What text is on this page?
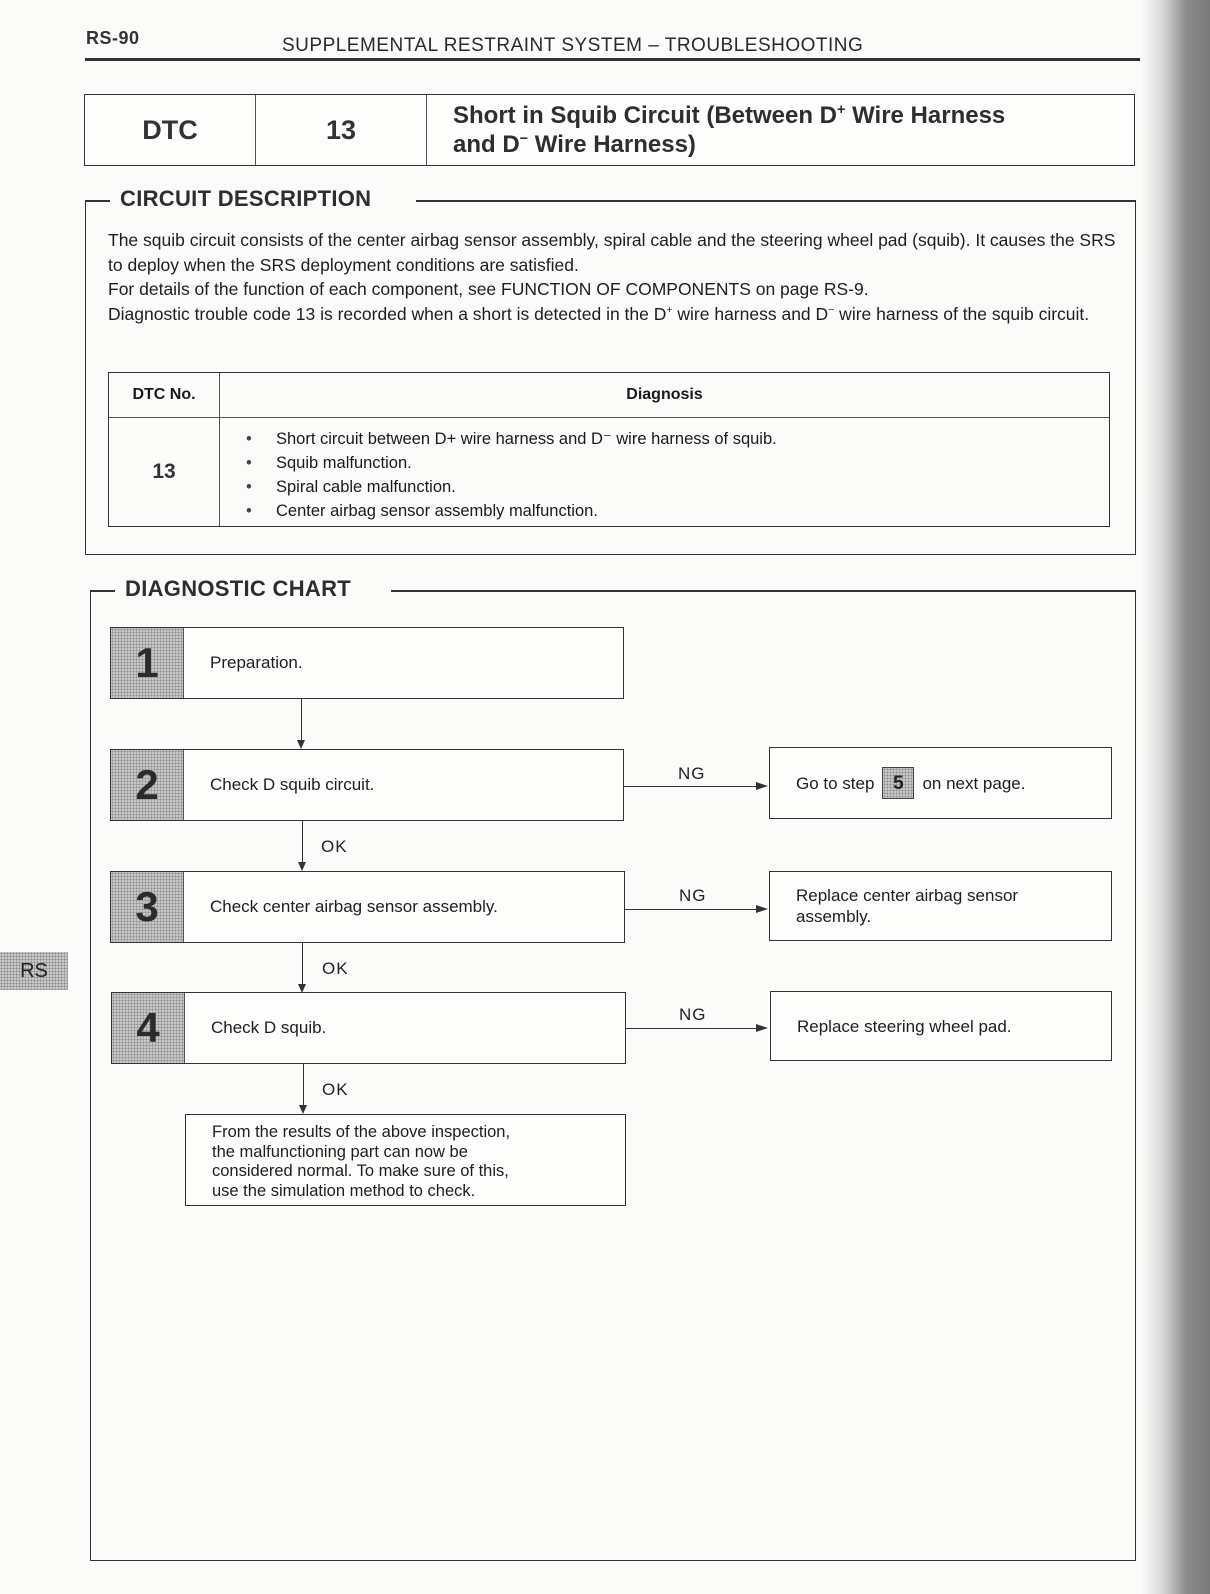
RS-90	SUPPLEMENTAL RESTRAINT SYSTEM – TROUBLESHOOTING
DTC	13	Short in Squib Circuit (Between D+ Wire Harness
and D− Wire Harness)
CIRCUIT DESCRIPTION

The squib circuit consists of the center airbag sensor assembly, spiral cable and the steering wheel pad (squib). It causes the SRS to deploy when the SRS deployment conditions are satisfied.

For details of the function of each component, see FUNCTION OF COMPONENTS on page RS-9.

Diagnostic trouble code 13 is recorded when a short is detected in the D+ wire harness and D− wire harness of the squib circuit.

DTC No.	Diagnosis
13
• Short circuit between D+ wire harness and D⁻ wire harness of squib.
• Squib malfunction.
• Spiral cable malfunction.
• Center airbag sensor assembly malfunction.
DIAGNOSTIC CHART
1	Preparation.
2	Check D squib circuit.
3	Check center airbag sensor assembly.
4	Check D squib.
OK
OK
OK
NG
NG
NG
Go to step 5	on next page.
Replace center airbag sensor assembly.
Replace steering wheel pad.
From the results of the above inspection,
the malfunctioning part can now be
considered normal. To make sure of this,
use the simulation method to check.
RS
